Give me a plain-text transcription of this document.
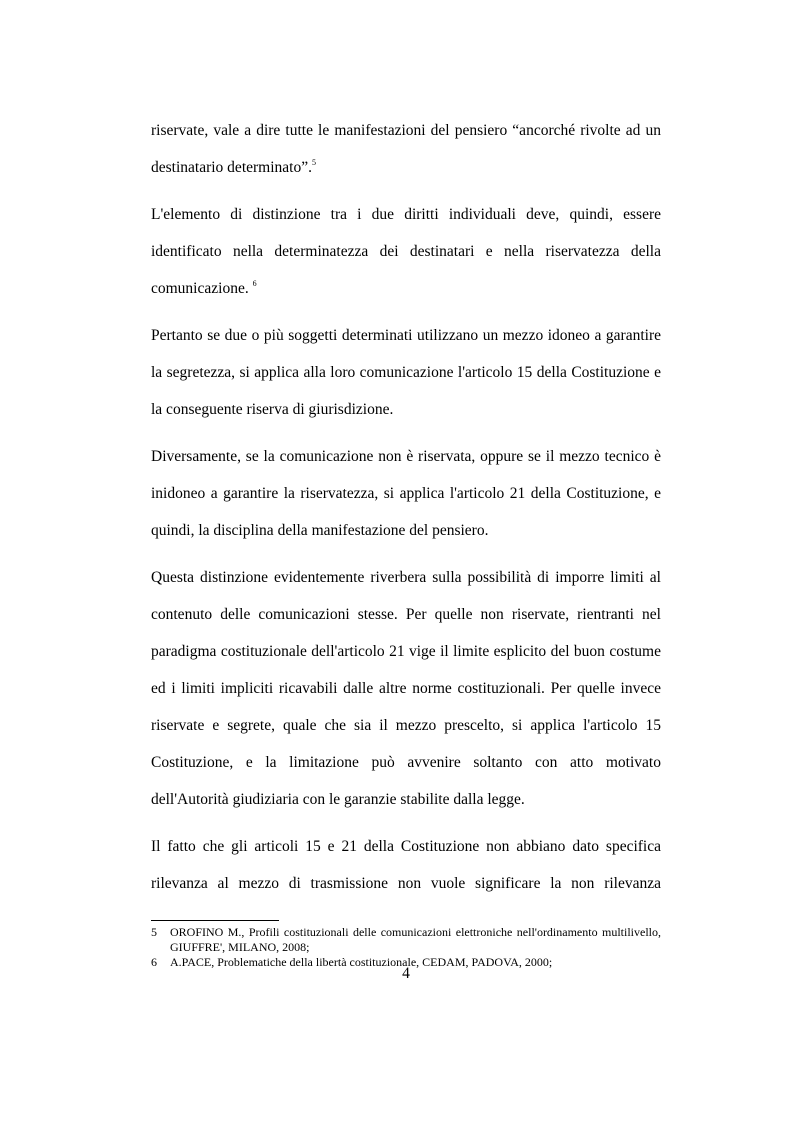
riservate, vale a dire tutte le manifestazioni del pensiero “ancorché rivolte ad un destinatario determinato”.$^5$

L'elemento di distinzione tra i due diritti individuali deve, quindi, essere identificato nella determinatezza dei destinatari e nella riservatezza della comunicazione. $^6$

Pertanto se due o più soggetti determinati utilizzano un mezzo idoneo a garantire la segretezza, si applica alla loro comunicazione l'articolo 15 della Costituzione e la conseguente riserva di giurisdizione.

Diversamente, se la comunicazione non è riservata, oppure se il mezzo tecnico è inidoneo a garantire la riservatezza, si applica l'articolo 21 della Costituzione, e quindi, la disciplina della manifestazione del pensiero.

Questa distinzione evidentemente riverbera sulla possibilità di imporre limiti al contenuto delle comunicazioni stesse. Per quelle non riservate, rientranti nel paradigma costituzionale dell'articolo 21 vige il limite esplicito del buon costume ed i limiti impliciti ricavabili dalle altre norme costituzionali. Per quelle invece riservate e segrete, quale che sia il mezzo prescelto, si applica l'articolo 15 Costituzione, e la limitazione può avvenire soltanto con atto motivato dell'Autorità giudiziaria con le garanzie stabilite dalla legge.

Il fatto che gli articoli 15 e 21 della Costituzione non abbiano dato specifica rilevanza al mezzo di trasmissione non vuole significare la non rilevanza

5	OROFINO M., Profili costituzionali delle comunicazioni elettroniche nell'ordinamento multilivello, GIUFFRE', MILANO, 2008;
6	A.PACE, Problematiche della libertà costituzionale, CEDAM, PADOVA, 2000;
4
